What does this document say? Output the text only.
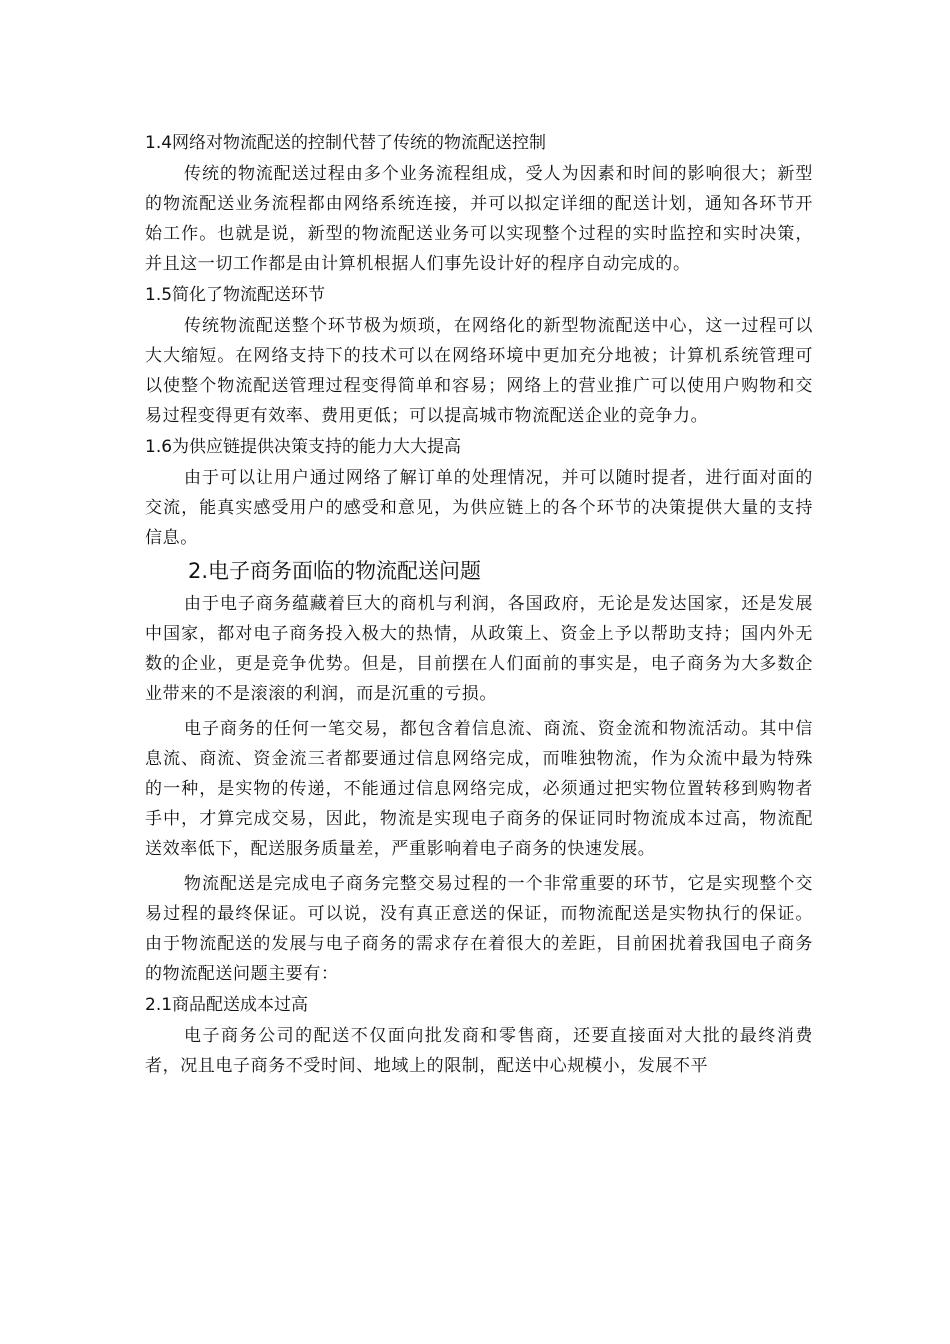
1.4网络对物流配送的控制代替了传统的物流配送控制
传统的物流配送过程由多个业务流程组成，受人为因素和时间的影响很大；新型的物流配送业务流程都由网络系统连接，并可以拟定详细的配送计划，通知各环节开始工作。也就是说，新型的物流配送业务可以实现整个过程的实时监控和实时决策，并且这一切工作都是由计算机根据人们事先设计好的程序自动完成的。
1.5简化了物流配送环节
传统物流配送整个环节极为烦琐，在网络化的新型物流配送中心，这一过程可以大大缩短。在网络支持下的技术可以在网络环境中更加充分地被；计算机系统管理可以使整个物流配送管理过程变得简单和容易；网络上的营业推广可以使用户购物和交易过程变得更有效率、费用更低；可以提高城市物流配送企业的竞争力。
1.6为供应链提供决策支持的能力大大提高
由于可以让用户通过网络了解订单的处理情况，并可以随时提者，进行面对面的交流，能真实感受用户的感受和意见，为供应链上的各个环节的决策提供大量的支持信息。
2.电子商务面临的物流配送问题
由于电子商务蕴藏着巨大的商机与利润，各国政府，无论是发达国家，还是发展中国家，都对电子商务投入极大的热情，从政策上、资金上予以帮助支持；国内外无数的企业，更是竞争优势。但是，目前摆在人们面前的事实是，电子商务为大多数企业带来的不是滚滚的利润，而是沉重的亏损。
电子商务的任何一笔交易，都包含着信息流、商流、资金流和物流活动。其中信息流、商流、资金流三者都要通过信息网络完成，而唯独物流，作为众流中最为特殊的一种，是实物的传递，不能通过信息网络完成，必须通过把实物位置转移到购物者手中，才算完成交易，因此，物流是实现电子商务的保证同时物流成本过高，物流配送效率低下，配送服务质量差，严重影响着电子商务的快速发展。
物流配送是完成电子商务完整交易过程的一个非常重要的环节，它是实现整个交易过程的最终保证。可以说，没有真正意送的保证，而物流配送是实物执行的保证。由于物流配送的发展与电子商务的需求存在着很大的差距，目前困扰着我国电子商务的物流配送问题主要有：
2.1商品配送成本过高
电子商务公司的配送不仅面向批发商和零售商，还要直接面对大批的最终消费者，况且电子商务不受时间、地域上的限制，配送中心规模小，发展不平
